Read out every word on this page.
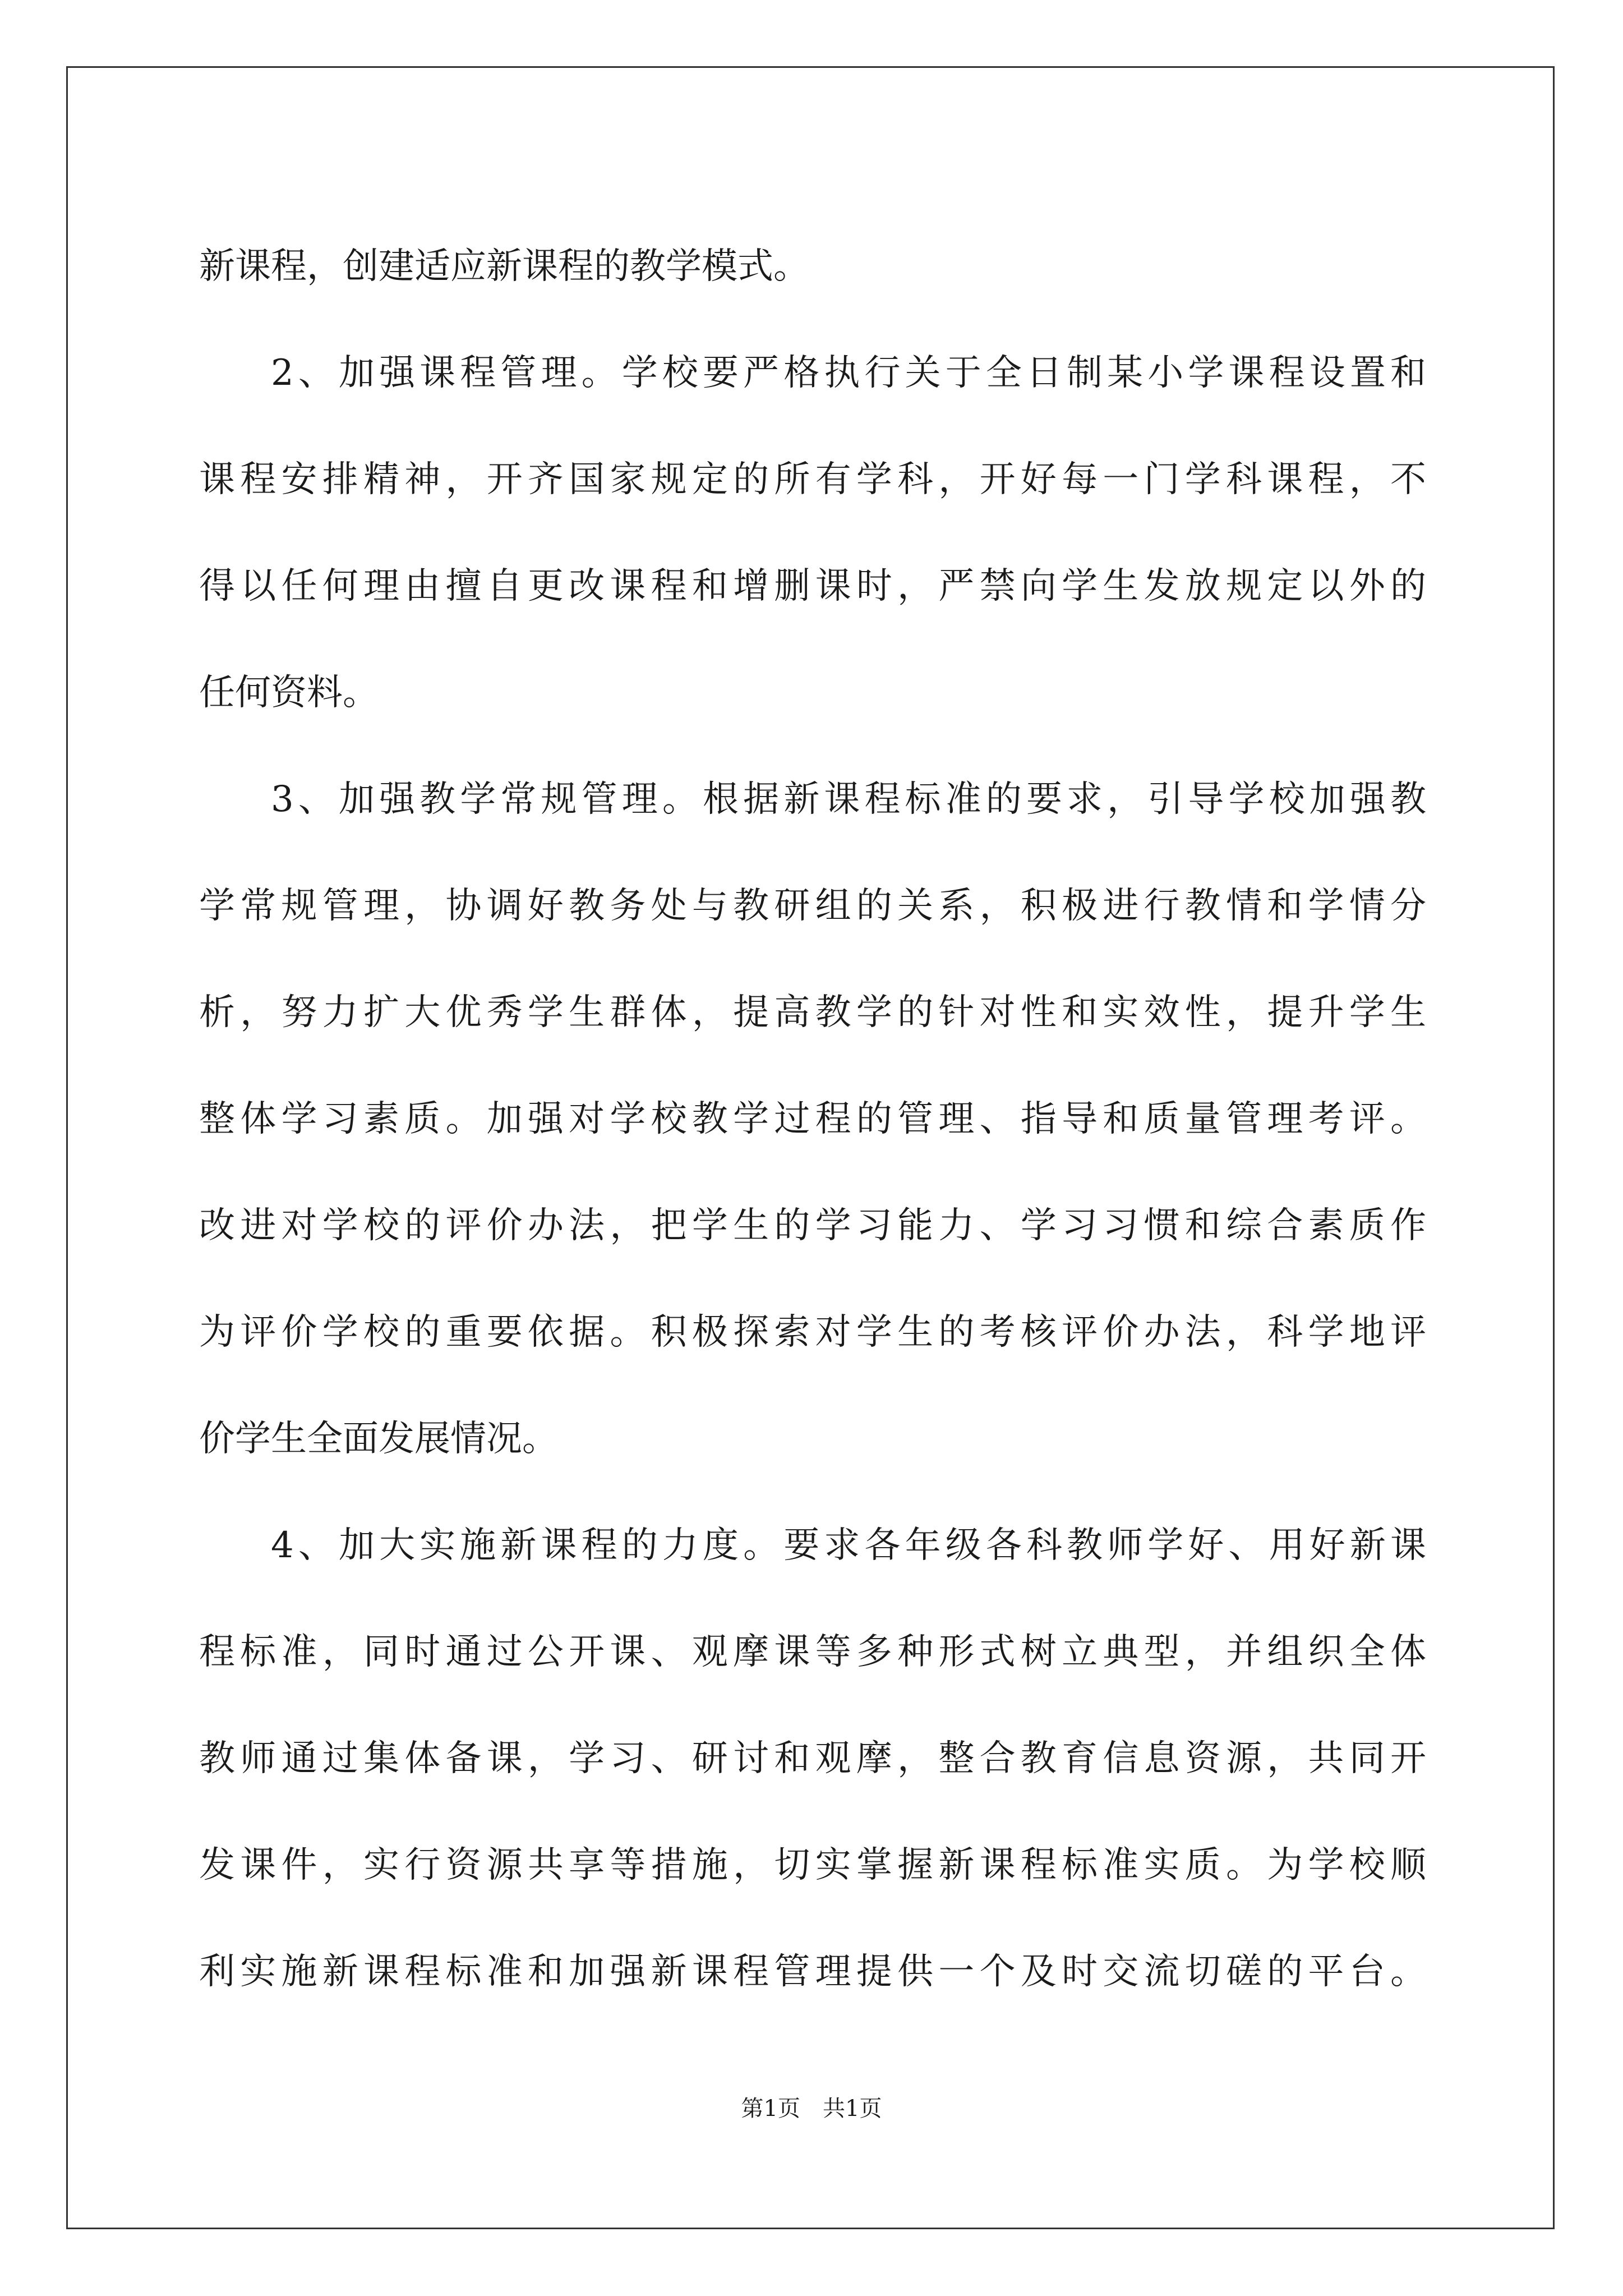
新课程，创建适应新课程的教学模式。
2、加强课程管理。学校要严格执行关于全日制某小学课程设置和
课程安排精神，开齐国家规定的所有学科，开好每一门学科课程，不
得以任何理由擅自更改课程和增删课时，严禁向学生发放规定以外的
任何资料。
3、加强教学常规管理。根据新课程标准的要求，引导学校加强教
学常规管理，协调好教务处与教研组的关系，积极进行教情和学情分
析，努力扩大优秀学生群体，提高教学的针对性和实效性，提升学生
整体学习素质。加强对学校教学过程的管理、指导和质量管理考评。
改进对学校的评价办法，把学生的学习能力、学习习惯和综合素质作
为评价学校的重要依据。积极探索对学生的考核评价办法，科学地评
价学生全面发展情况。
4、加大实施新课程的力度。要求各年级各科教师学好、用好新课
程标准，同时通过公开课、观摩课等多种形式树立典型，并组织全体
教师通过集体备课，学习、研讨和观摩，整合教育信息资源，共同开
发课件，实行资源共享等措施，切实掌握新课程标准实质。为学校顺
利实施新课程标准和加强新课程管理提供一个及时交流切磋的平台。
第1页　共1页
